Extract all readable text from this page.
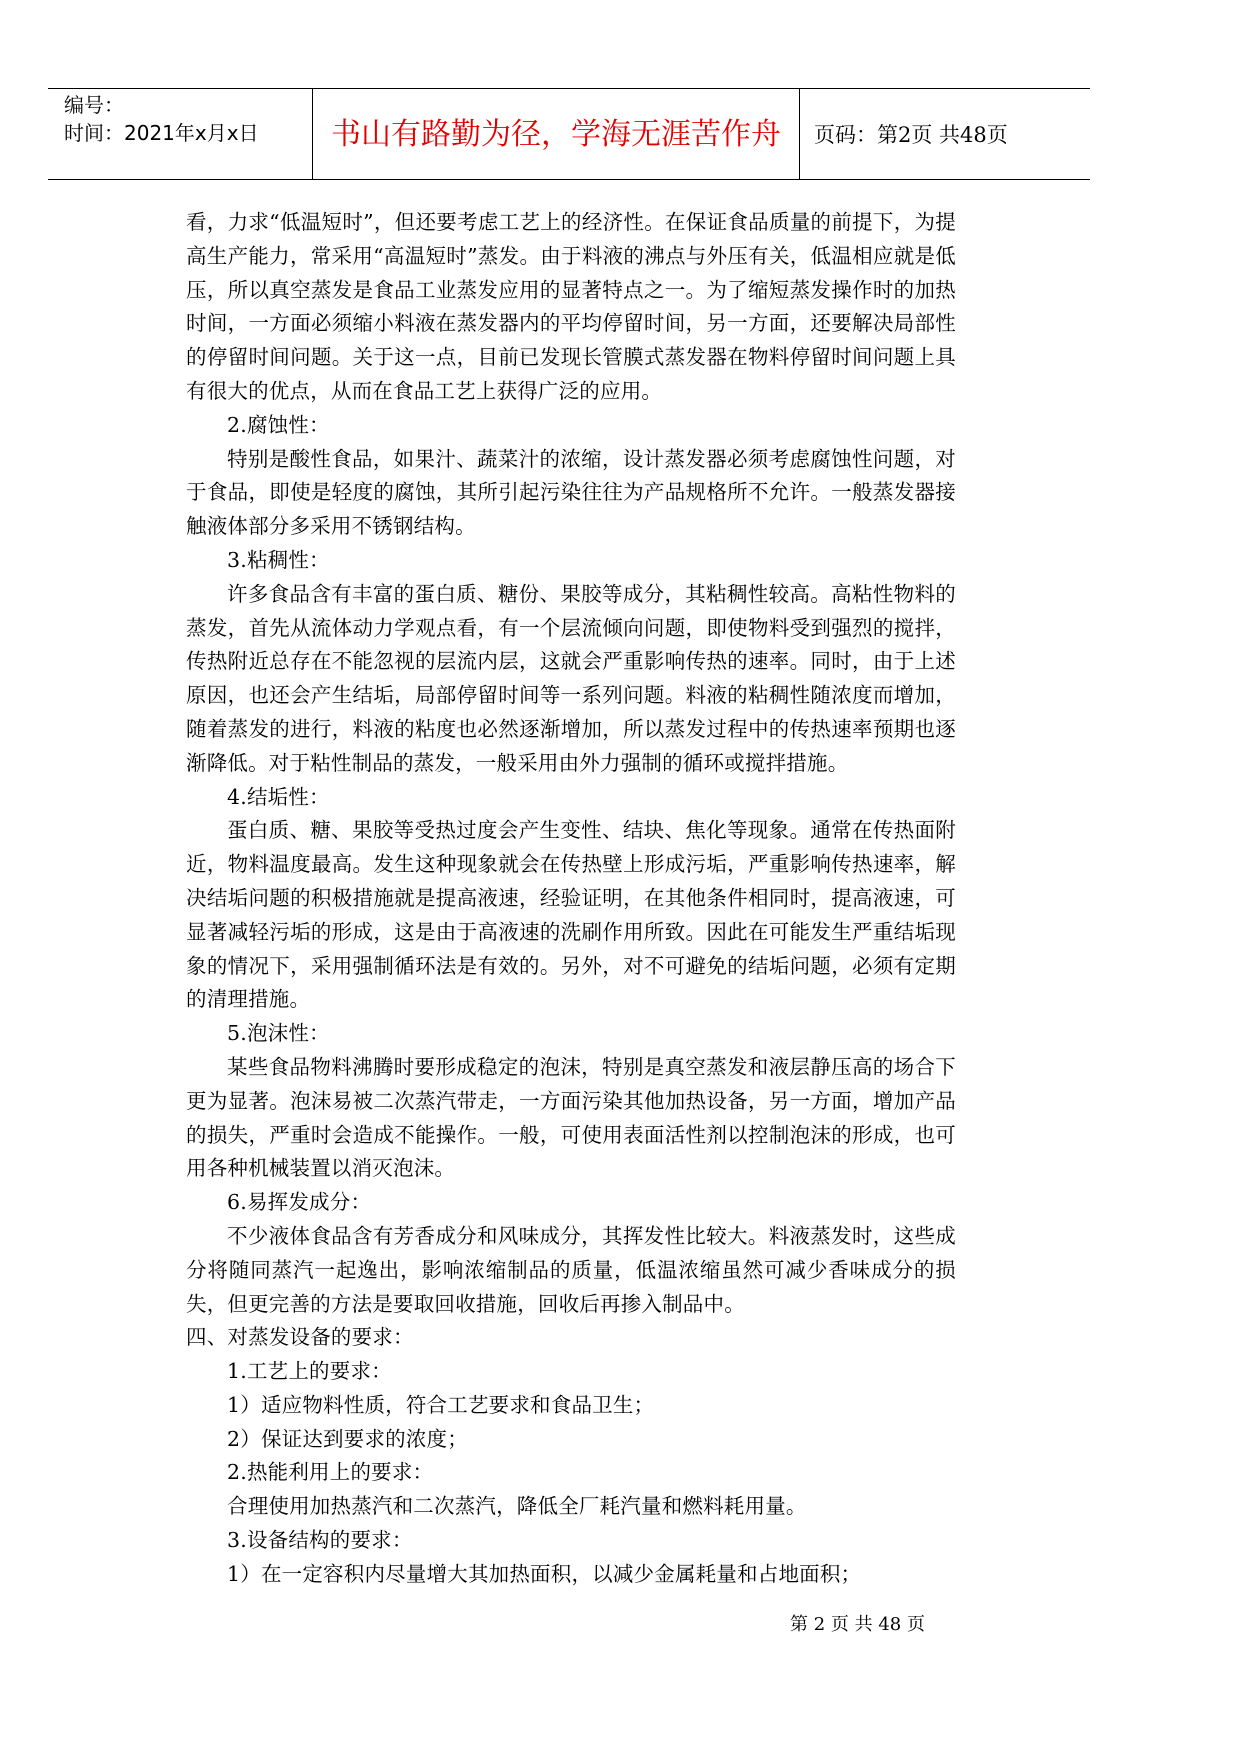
编号：
时间：2021年x月x日	书山有路勤为径，学海无涯苦作舟	页码：第2页 共48页

看，力求“低温短时”，但还要考虑工艺上的经济性。在保证食品质量的前提下，为提高生产能力，常采用“高温短时”蒸发。由于料液的沸点与外压有关，低温相应就是低压，所以真空蒸发是食品工业蒸发应用的显著特点之一。为了缩短蒸发操作时的加热时间，一方面必须缩小料液在蒸发器内的平均停留时间，另一方面，还要解决局部性的停留时间问题。关于这一点，目前已发现长管膜式蒸发器在物料停留时间问题上具有很大的优点，从而在食品工艺上获得广泛的应用。

2.腐蚀性：

特别是酸性食品，如果汁、蔬菜汁的浓缩，设计蒸发器必须考虑腐蚀性问题，对于食品，即使是轻度的腐蚀，其所引起污染往往为产品规格所不允许。一般蒸发器接触液体部分多采用不锈钢结构。

3.粘稠性：

许多食品含有丰富的蛋白质、糖份、果胶等成分，其粘稠性较高。高粘性物料的蒸发，首先从流体动力学观点看，有一个层流倾向问题，即使物料受到强烈的搅拌，传热附近总存在不能忽视的层流内层，这就会严重影响传热的速率。同时，由于上述原因，也还会产生结垢，局部停留时间等一系列问题。料液的粘稠性随浓度而增加，随着蒸发的进行，料液的粘度也必然逐渐增加，所以蒸发过程中的传热速率预期也逐渐降低。对于粘性制品的蒸发，一般采用由外力强制的循环或搅拌措施。

4.结垢性：

蛋白质、糖、果胶等受热过度会产生变性、结块、焦化等现象。通常在传热面附近，物料温度最高。发生这种现象就会在传热壁上形成污垢，严重影响传热速率，解决结垢问题的积极措施就是提高液速，经验证明，在其他条件相同时，提高液速，可显著减轻污垢的形成，这是由于高液速的洗刷作用所致。因此在可能发生严重结垢现象的情况下，采用强制循环法是有效的。另外，对不可避免的结垢问题，必须有定期的清理措施。

5.泡沫性：

某些食品物料沸腾时要形成稳定的泡沫，特别是真空蒸发和液层静压高的场合下更为显著。泡沫易被二次蒸汽带走，一方面污染其他加热设备，另一方面，增加产品的损失，严重时会造成不能操作。一般，可使用表面活性剂以控制泡沫的形成，也可用各种机械装置以消灭泡沫。

6.易挥发成分：

不少液体食品含有芳香成分和风味成分，其挥发性比较大。料液蒸发时，这些成分将随同蒸汽一起逸出，影响浓缩制品的质量，低温浓缩虽然可减少香味成分的损失，但更完善的方法是要取回收措施，回收后再掺入制品中。

四、对蒸发设备的要求：

1.工艺上的要求：

1）适应物料性质，符合工艺要求和食品卫生；

2）保证达到要求的浓度；

2.热能利用上的要求：

合理使用加热蒸汽和二次蒸汽，降低全厂耗汽量和燃料耗用量。

3.设备结构的要求：

1）在一定容积内尽量增大其加热面积，以减少金属耗量和占地面积；

第 2 页 共 48 页
